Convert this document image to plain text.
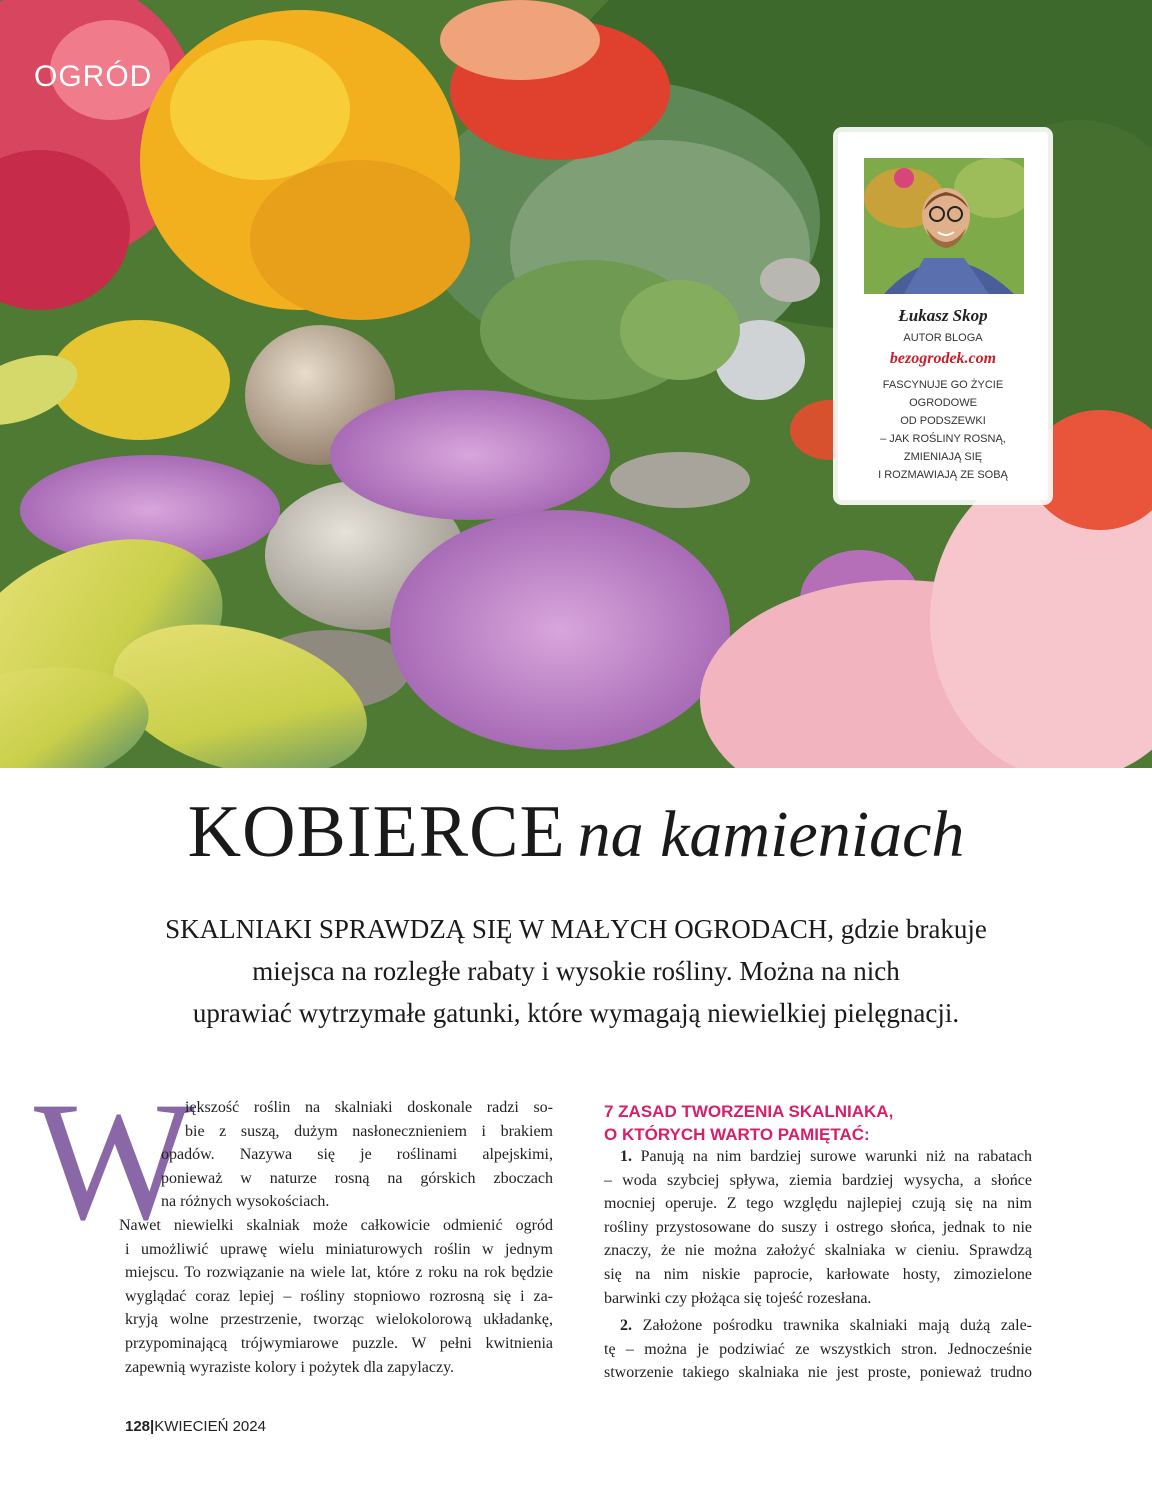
OGRÓD
Łukasz Skop
AUTOR BLOGA
bezogrodek.com
FASCYNUJE GO ŻYCIE
OGRODOWE
OD PODSZEWKI
– JAK ROŚLINY ROSNĄ,
ZMIENIAJĄ SIĘ
I ROZMAWIAJĄ ZE SOBĄ
KOBIERCE na kamieniach
SKALNIAKI SPRAWDZĄ SIĘ W MAŁYCH OGRODACH, gdzie brakuje
miejsca na rozległe rabaty i wysokie rośliny. Można na nich
uprawiać wytrzymałe gatunki, które wymagają niewielkiej pielęgnacji.
W
iększość roślin na skalniaki doskonale radzi so-
bie z suszą, dużym nasłonecznieniem i brakiem
opadów. Nazywa się je roślinami alpejskimi,
ponieważ w naturze rosną na górskich zboczach
na różnych wysokościach.
Nawet niewielki skalniak może całkowicie odmienić ogród
i umożliwić uprawę wielu miniaturowych roślin w jednym
miejscu. To rozwiązanie na wiele lat, które z roku na rok będzie
wyglądać coraz lepiej – rośliny stopniowo rozrosną się i za-
kryją wolne przestrzenie, tworząc wielokolorową układankę,
przypominającą trójwymiarowe puzzle. W pełni kwitnienia
zapewnią wyraziste kolory i pożytek dla zapylaczy.
7 ZASAD TWORZENIA SKALNIAKA,
O KTÓRYCH WARTO PAMIĘTAĆ:
1. Panują na nim bardziej surowe warunki niż na rabatach
– woda szybciej spływa, ziemia bardziej wysycha, a słońce
mocniej operuje. Z tego względu najlepiej czują się na nim
rośliny przystosowane do suszy i ostrego słońca, jednak to nie
znaczy, że nie można założyć skalniaka w cieniu. Sprawdzą
się na nim niskie paprocie, karłowate hosty, zimozielone
barwinki czy płożąca się tojeść rozesłana.
2. Założone pośrodku trawnika skalniaki mają dużą zale-
tę – można je podziwiać ze wszystkich stron. Jednocześnie
stworzenie takiego skalniaka nie jest proste, ponieważ trudno
128|KWIECIEŃ 2024
